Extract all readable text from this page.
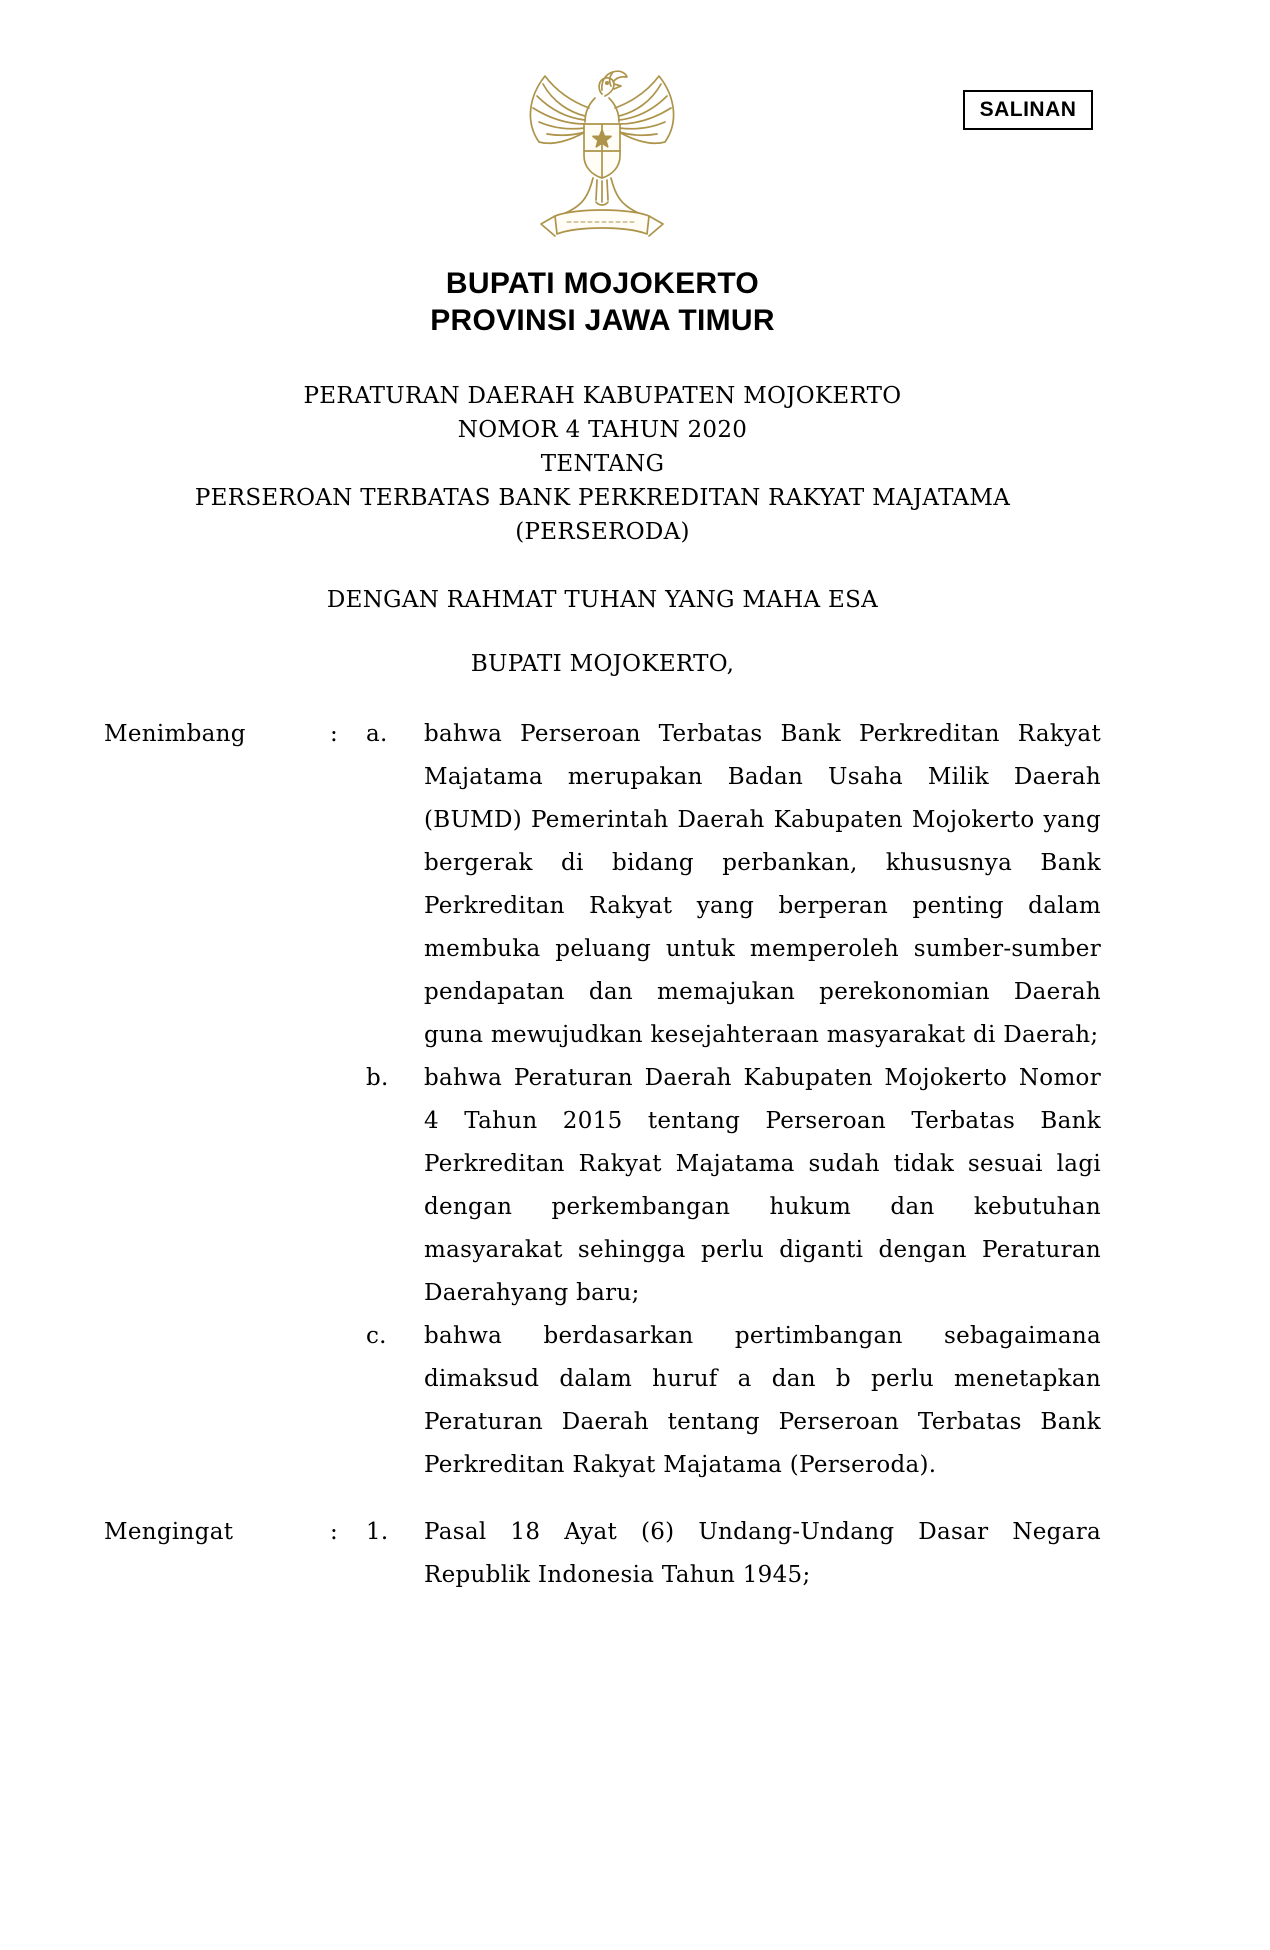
SALINAN
BUPATI MOJOKERTO
PROVINSI JAWA TIMUR
PERATURAN DAERAH KABUPATEN MOJOKERTO
NOMOR 4 TAHUN 2020
TENTANG
PERSEROAN TERBATAS BANK PERKREDITAN RAKYAT MAJATAMA
(PERSERODA)
DENGAN RAHMAT TUHAN YANG MAHA ESA
BUPATI MOJOKERTO,
Menimbang	:	a.	bahwa Perseroan Terbatas Bank Perkreditan Rakyat Majatama merupakan Badan Usaha Milik Daerah (BUMD) Pemerintah Daerah Kabupaten Mojokerto yang bergerak di bidang perbankan, khususnya Bank Perkreditan Rakyat yang berperan penting dalam membuka peluang untuk memperoleh sumber-sumber pendapatan dan memajukan perekonomian Daerah guna mewujudkan kesejahteraan masyarakat di Daerah;
b.	bahwa Peraturan Daerah Kabupaten Mojokerto Nomor 4 Tahun 2015 tentang Perseroan Terbatas Bank Perkreditan Rakyat Majatama sudah tidak sesuai lagi dengan perkembangan hukum dan kebutuhan masyarakat sehingga perlu diganti dengan Peraturan Daerahyang baru;
c.	bahwa berdasarkan pertimbangan sebagaimana dimaksud dalam huruf a dan b perlu menetapkan Peraturan Daerah tentang Perseroan Terbatas Bank Perkreditan Rakyat Majatama (Perseroda).
Mengingat	:	1.	Pasal 18 Ayat (6) Undang-Undang Dasar Negara Republik Indonesia Tahun 1945;
